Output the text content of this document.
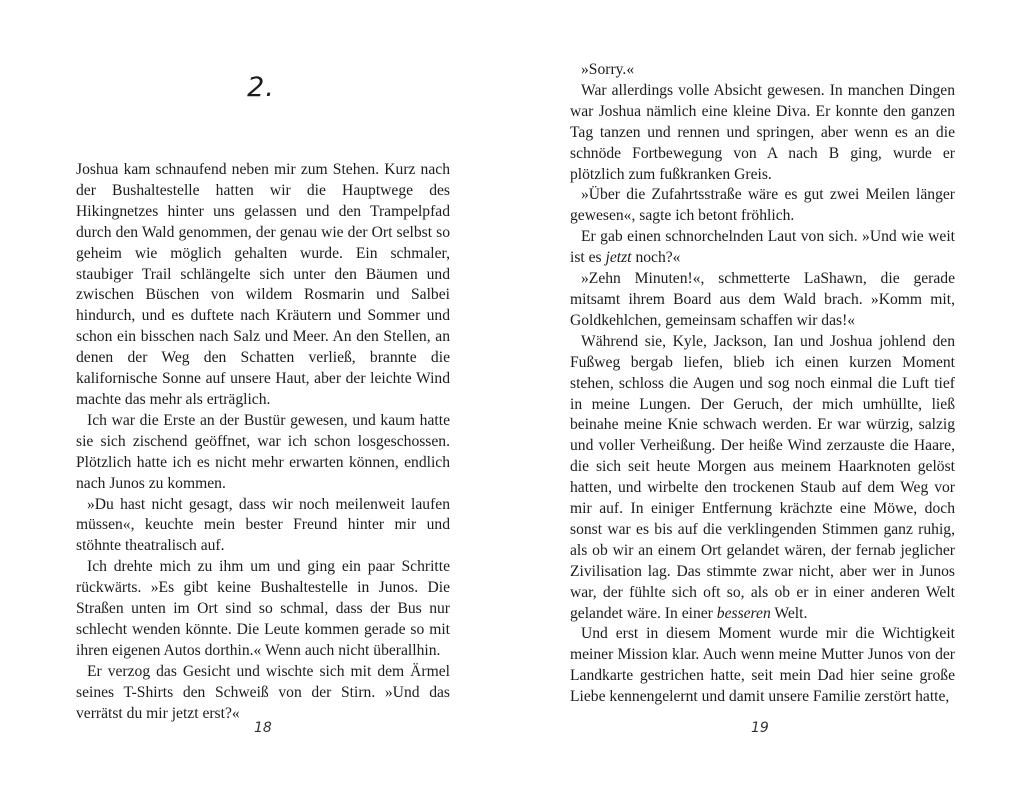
2.

Joshua kam schnaufend neben mir zum Stehen. Kurz nach der Bushaltestelle hatten wir die Hauptwege des Hikingnetzes hinter uns gelassen und den Trampelpfad durch den Wald genommen, der genau wie der Ort selbst so geheim wie möglich gehalten wurde. Ein schmaler, staubiger Trail schlängelte sich unter den Bäumen und zwischen Büschen von wildem Rosmarin und Salbei hindurch, und es duftete nach Kräutern und Sommer und schon ein bisschen nach Salz und Meer. An den Stellen, an denen der Weg den Schatten verließ, brannte die kalifornische Sonne auf unsere Haut, aber der leichte Wind machte das mehr als erträglich.

Ich war die Erste an der Bustür gewesen, und kaum hatte sie sich zischend geöffnet, war ich schon losgeschossen. Plötzlich hatte ich es nicht mehr erwarten können, endlich nach Junos zu kommen.

»Du hast nicht gesagt, dass wir noch meilenweit laufen müssen«, keuchte mein bester Freund hinter mir und stöhnte theatralisch auf.

Ich drehte mich zu ihm um und ging ein paar Schritte rückwärts. »Es gibt keine Bushaltestelle in Junos. Die Straßen unten im Ort sind so schmal, dass der Bus nur schlecht wenden könnte. Die Leute kommen gerade so mit ihren eigenen Autos dorthin.« Wenn auch nicht überallhin.

Er verzog das Gesicht und wischte sich mit dem Ärmel seines T-Shirts den Schweiß von der Stirn. »Und das verrätst du mir jetzt erst?«

18

»Sorry.«

War allerdings volle Absicht gewesen. In manchen Dingen war Joshua nämlich eine kleine Diva. Er konnte den ganzen Tag tanzen und rennen und springen, aber wenn es an die schnöde Fortbewegung von A nach B ging, wurde er plötzlich zum fußkranken Greis.

»Über die Zufahrtsstraße wäre es gut zwei Meilen länger gewesen«, sagte ich betont fröhlich.

Er gab einen schnorchelnden Laut von sich. »Und wie weit ist es jetzt noch?«

»Zehn Minuten!«, schmetterte LaShawn, die gerade mitsamt ihrem Board aus dem Wald brach. »Komm mit, Goldkehlchen, gemeinsam schaffen wir das!«

Während sie, Kyle, Jackson, Ian und Joshua johlend den Fußweg bergab liefen, blieb ich einen kurzen Moment stehen, schloss die Augen und sog noch einmal die Luft tief in meine Lungen. Der Geruch, der mich umhüllte, ließ beinahe meine Knie schwach werden. Er war würzig, salzig und voller Verheißung. Der heiße Wind zerzauste die Haare, die sich seit heute Morgen aus meinem Haarknoten gelöst hatten, und wirbelte den trockenen Staub auf dem Weg vor mir auf. In einiger Entfernung krächzte eine Möwe, doch sonst war es bis auf die verklingenden Stimmen ganz ruhig, als ob wir an einem Ort gelandet wären, der fernab jeglicher Zivilisation lag. Das stimmte zwar nicht, aber wer in Junos war, der fühlte sich oft so, als ob er in einer anderen Welt gelandet wäre. In einer besseren Welt.

Und erst in diesem Moment wurde mir die Wichtigkeit meiner Mission klar. Auch wenn meine Mutter Junos von der Landkarte gestrichen hatte, seit mein Dad hier seine große Liebe kennengelernt und damit unsere Familie zerstört hatte,

19
